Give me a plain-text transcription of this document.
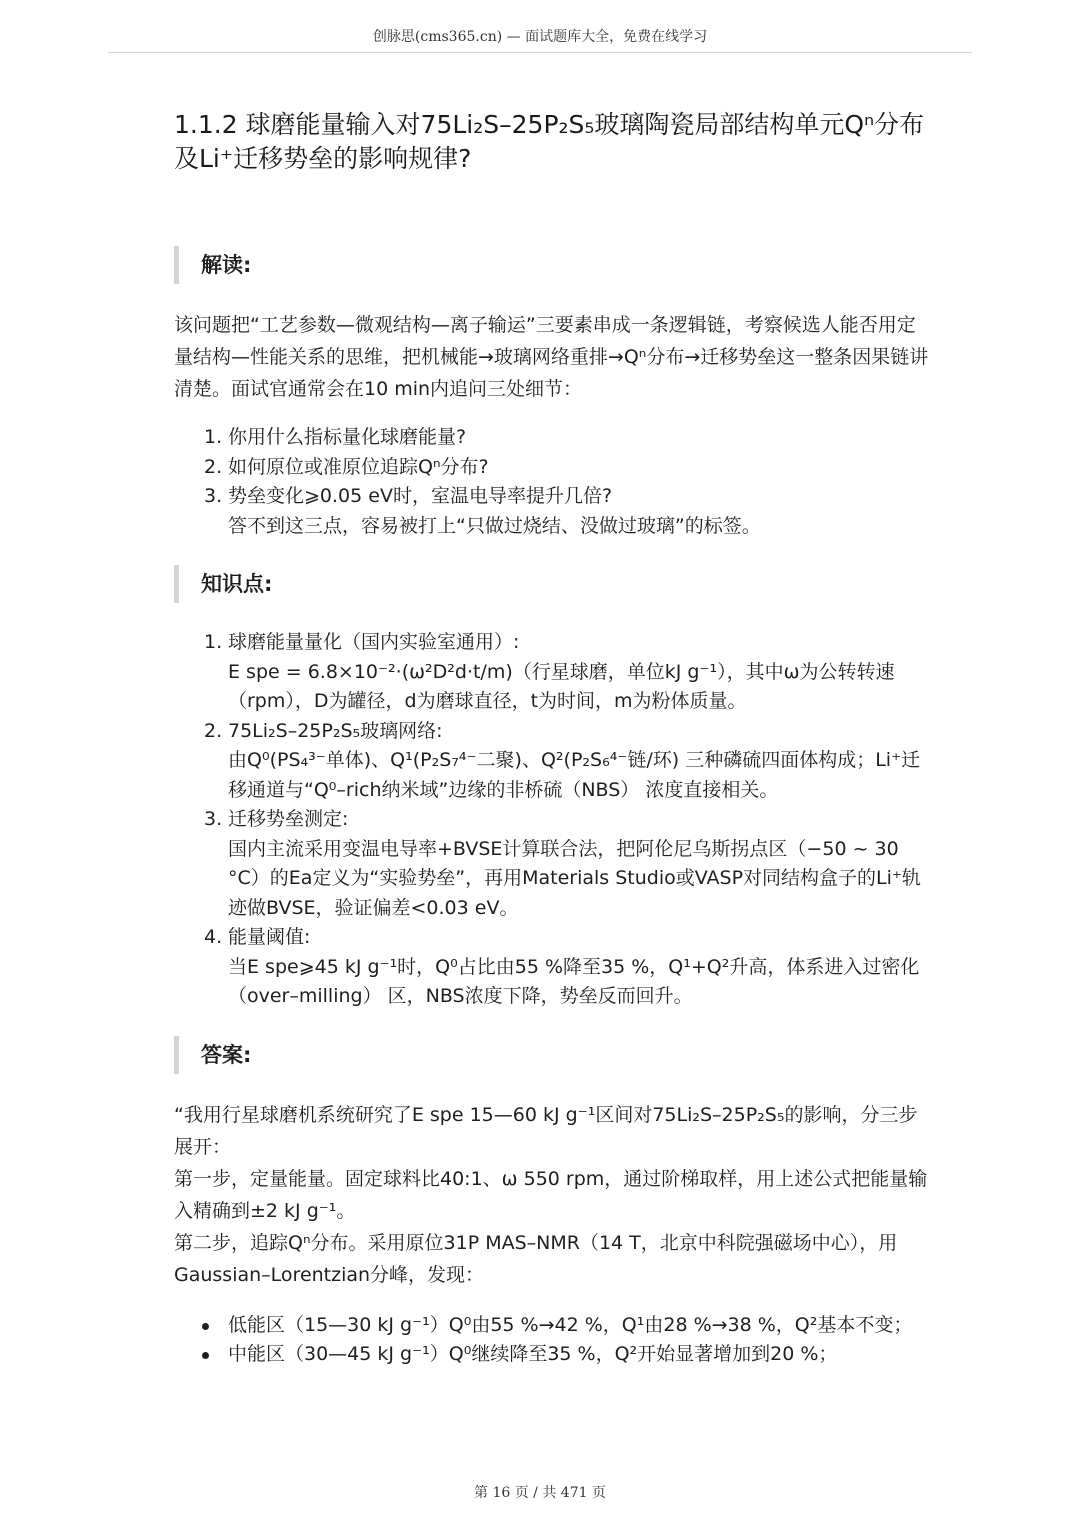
创脉思(cms365.cn) — 面试题库大全，免费在线学习
1.1.2 球磨能量输入对75Li₂S–25P₂S₅玻璃陶瓷局部结构单元Qⁿ分布及Li⁺迁移势垒的影响规律?
解读:

该问题把“工艺参数—微观结构—离子输运”三要素串成一条逻辑链，考察候选人能否用定量结构—性能关系的思维，把机械能→玻璃网络重排→Qⁿ分布→迁移势垒这一整条因果链讲清楚。面试官通常会在10 min内追问三处细节：

1. 你用什么指标量化球磨能量?
2. 如何原位或准原位追踪Qⁿ分布?
3. 势垒变化⩾0.05 eV时，室温电导率提升几倍?
答不到这三点，容易被打上“只做过烧结、没做过玻璃”的标签。
知识点:
1. 球磨能量量化（国内实验室通用）:
E spe = 6.8×10⁻²·(ω²D²d·t/m)（行星球磨，单位kJ g⁻¹），其中ω为公转转速（rpm），D为罐径，d为磨球直径，t为时间，m为粉体质量。
2. 75Li₂S–25P₂S₅玻璃网络:
由Q⁰(PS₄³⁻单体)、Q¹(P₂S₇⁴⁻二聚)、Q²(P₂S₆⁴⁻链/环) 三种磷硫四面体构成；Li⁺迁移通道与“Q⁰–rich纳米域”边缘的非桥硫（NBS） 浓度直接相关。
3. 迁移势垒测定:
国内主流采用变温电导率+BVSE计算联合法，把阿伦尼乌斯拐点区（−50 ~ 30 °C）的Ea定义为“实验势垒”，再用Materials Studio或VASP对同结构盒子的Li⁺轨迹做BVSE，验证偏差<0.03 eV。
4. 能量阈值:
当E spe⩾45 kJ g⁻¹时，Q⁰占比由55 %降至35 %，Q¹+Q²升高，体系进入过密化（over–milling） 区，NBS浓度下降，势垒反而回升。
答案:

“我用行星球磨机系统研究了E spe 15—60 kJ g⁻¹区间对75Li₂S–25P₂S₅的影响，分三步展开：
第一步，定量能量。固定球料比40:1、ω 550 rpm，通过阶梯取样，用上述公式把能量输入精确到±2 kJ g⁻¹。
第二步，追踪Qⁿ分布。采用原位31P MAS–NMR（14 T，北京中科院强磁场中心），用Gaussian–Lorentzian分峰，发现：

低能区（15—30 kJ g⁻¹）Q⁰由55 %→42 %，Q¹由28 %→38 %，Q²基本不变；
中能区（30—45 kJ g⁻¹）Q⁰继续降至35 %，Q²开始显著增加到20 %；
第 16 页 / 共 471 页
